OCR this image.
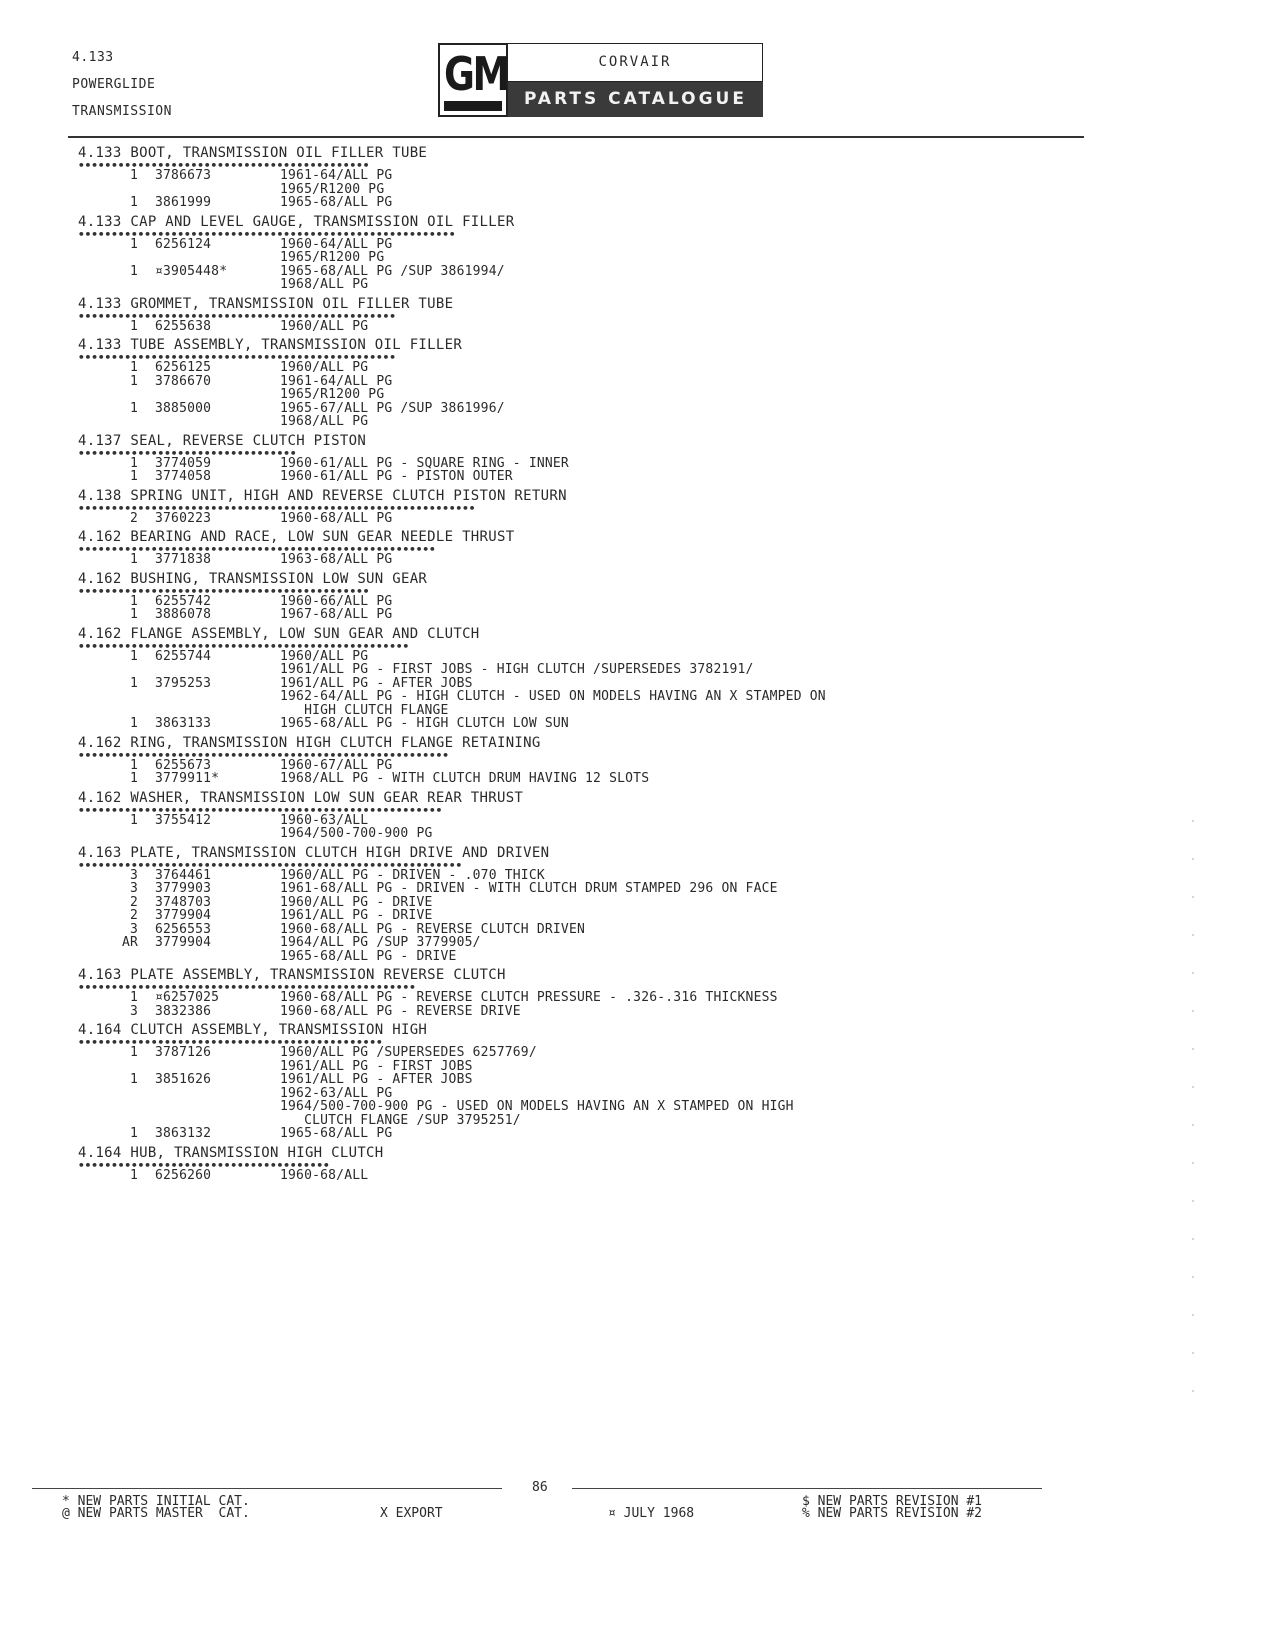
4.133
POWERGLIDE
TRANSMISSION
GM	CORVAIR
PARTS CATALOGUE
4.133 BOOT, TRANSMISSION OIL FILLER TUBE
••••••••••••••••••••••••••••••••••••••••••••
1	3786673	1961-64/ALL PG
1965/R1200 PG
1	3861999	1965-68/ALL PG
4.133 CAP AND LEVEL GAUGE, TRANSMISSION OIL FILLER
•••••••••••••••••••••••••••••••••••••••••••••••••••••••••
1	6256124	1960-64/ALL PG
1965/R1200 PG
1	¤3905448*	1965-68/ALL PG /SUP 3861994/
1968/ALL PG
4.133 GROMMET, TRANSMISSION OIL FILLER TUBE
••••••••••••••••••••••••••••••••••••••••••••••••
1	6255638	1960/ALL PG
4.133 TUBE ASSEMBLY, TRANSMISSION OIL FILLER
••••••••••••••••••••••••••••••••••••••••••••••••
1	6256125	1960/ALL PG
1	3786670	1961-64/ALL PG
1965/R1200 PG
1	3885000	1965-67/ALL PG /SUP 3861996/
1968/ALL PG
4.137 SEAL, REVERSE CLUTCH PISTON
•••••••••••••••••••••••••••••••••
1	3774059	1960-61/ALL PG - SQUARE RING - INNER
1	3774058	1960-61/ALL PG - PISTON OUTER
4.138 SPRING UNIT, HIGH AND REVERSE CLUTCH PISTON RETURN
••••••••••••••••••••••••••••••••••••••••••••••••••••••••••••
2	3760223	1960-68/ALL PG
4.162 BEARING AND RACE, LOW SUN GEAR NEEDLE THRUST
••••••••••••••••••••••••••••••••••••••••••••••••••••••
1	3771838	1963-68/ALL PG
4.162 BUSHING, TRANSMISSION LOW SUN GEAR
••••••••••••••••••••••••••••••••••••••••••••
1	6255742	1960-66/ALL PG
1	3886078	1967-68/ALL PG
4.162 FLANGE ASSEMBLY, LOW SUN GEAR AND CLUTCH
••••••••••••••••••••••••••••••••••••••••••••••••••
1	6255744	1960/ALL PG
1961/ALL PG - FIRST JOBS - HIGH CLUTCH /SUPERSEDES 3782191/
1	3795253	1961/ALL PG - AFTER JOBS
1962-64/ALL PG - HIGH CLUTCH - USED ON MODELS HAVING AN X STAMPED ON
HIGH CLUTCH FLANGE
1	3863133	1965-68/ALL PG - HIGH CLUTCH LOW SUN
4.162 RING, TRANSMISSION HIGH CLUTCH FLANGE RETAINING
••••••••••••••••••••••••••••••••••••••••••••••••••••••••
1	6255673	1960-67/ALL PG
1	3779911*	1968/ALL PG - WITH CLUTCH DRUM HAVING 12 SLOTS
4.162 WASHER, TRANSMISSION LOW SUN GEAR REAR THRUST
•••••••••••••••••••••••••••••••••••••••••••••••••••••••
1	3755412	1960-63/ALL
1964/500-700-900 PG
4.163 PLATE, TRANSMISSION CLUTCH HIGH DRIVE AND DRIVEN
••••••••••••••••••••••••••••••••••••••••••••••••••••••••••
3	3764461	1960/ALL PG - DRIVEN - .070 THICK
3	3779903	1961-68/ALL PG - DRIVEN - WITH CLUTCH DRUM STAMPED 296 ON FACE
2	3748703	1960/ALL PG - DRIVE
2	3779904	1961/ALL PG - DRIVE
3	6256553	1960-68/ALL PG - REVERSE CLUTCH DRIVEN
AR	3779904	1964/ALL PG /SUP 3779905/
1965-68/ALL PG - DRIVE
4.163 PLATE ASSEMBLY, TRANSMISSION REVERSE CLUTCH
•••••••••••••••••••••••••••••••••••••••••••••••••••
1	¤6257025	1960-68/ALL PG - REVERSE CLUTCH PRESSURE - .326-.316 THICKNESS
3	3832386	1960-68/ALL PG - REVERSE DRIVE
4.164 CLUTCH ASSEMBLY, TRANSMISSION HIGH
••••••••••••••••••••••••••••••••••••••••••••••
1	3787126	1960/ALL PG /SUPERSEDES 6257769/
1961/ALL PG - FIRST JOBS
1	3851626	1961/ALL PG - AFTER JOBS
1962-63/ALL PG
1964/500-700-900 PG - USED ON MODELS HAVING AN X STAMPED ON HIGH
CLUTCH FLANGE /SUP 3795251/
1	3863132	1965-68/ALL PG
4.164 HUB, TRANSMISSION HIGH CLUTCH
••••••••••••••••••••••••••••••••••••••
1	6256260	1960-68/ALL
86
* NEW PARTS INITIAL CAT.
@ NEW PARTS MASTER  CAT.	X EXPORT	¤ JULY 1968
$ NEW PARTS REVISION #1
% NEW PARTS REVISION #2
